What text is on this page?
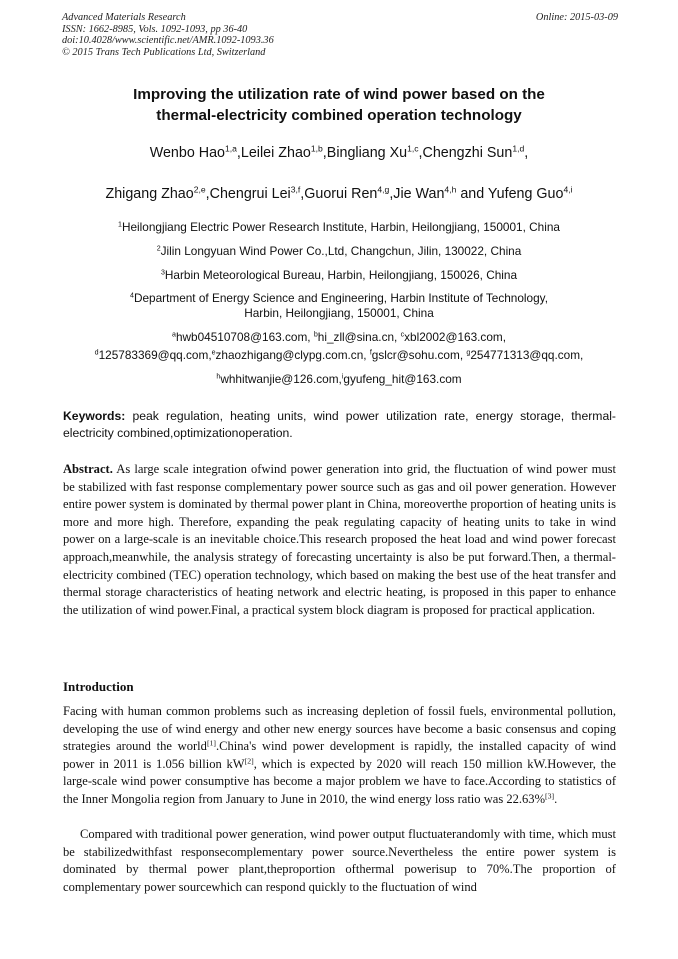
Advanced Materials Research
ISSN: 1662-8985, Vols. 1092-1093, pp 36-40
doi:10.4028/www.scientific.net/AMR.1092-1093.36
© 2015 Trans Tech Publications Ltd, Switzerland
Online: 2015-03-09
Improving the utilization rate of wind power based on the
thermal-electricity combined operation technology
Wenbo Hao$^{1,a}$,Leilei Zhao$^{1,b}$,Bingliang Xu$^{1,c}$,Chengzhi Sun$^{1,d}$,
Zhigang Zhao$^{2,e}$,Chengrui Lei$^{3,f}$,Guorui Ren$^{4,g}$,Jie Wan$^{4,h}$ and Yufeng Guo$^{4,i}$
$^1$Heilongjiang Electric Power Research Institute, Harbin, Heilongjiang, 150001, China
$^2$Jilin Longyuan Wind Power Co.,Ltd, Changchun, Jilin, 130022, China
$^3$Harbin Meteorological Bureau, Harbin, Heilongjiang, 150026, China
$^4$Department of Energy Science and Engineering, Harbin Institute of Technology,
Harbin, Heilongjiang, 150001, China
$^a$hwb04510708@163.com, $^b$hi_zll@sina.cn, $^c$xbl2002@163.com,
$^d$125783369@qq.com,$^e$zhaozhigang@clypg.com.cn, $^f$gslcr@sohu.com, $^g$254771313@qq.com,
$^h$whhitwanjie@126.com,$^i$gyufeng_hit@163.com
Keywords: peak regulation, heating units, wind power utilization rate, energy storage, thermal-electricity combined,optimizationoperation.
Abstract. As large scale integration ofwind power generation into grid, the fluctuation of wind power must be stabilized with fast response complementary power source such as gas and oil power generation. However entire power system is dominated by thermal power plant in China, moreoverthe proportion of heating units is more and more high. Therefore, expanding the peak regulating capacity of heating units to take in wind power on a large-scale is an inevitable choice.This research proposed the heat load and wind power forecast approach,meanwhile, the analysis strategy of forecasting uncertainty is also be put forward.Then, a thermal-electricity combined (TEC) operation technology, which based on making the best use of the heat transfer and thermal storage characteristics of heating network and electric heating, is proposed in this paper to enhance the utilization of wind power.Final, a practical system block diagram is proposed for practical application.
Introduction
Facing with human common problems such as increasing depletion of fossil fuels, environmental pollution, developing the use of wind energy and other new energy sources have become a basic consensus and coping strategies around the world[1].China's wind power development is rapidly, the installed capacity of wind power in 2011 is 1.056 billion kW[2], which is expected by 2020 will reach 150 million kW.However, the large-scale wind power consumptive has become a major problem we have to face.According to statistics of the Inner Mongolia region from January to June in 2010, the wind energy loss ratio was 22.63%[3].
Compared with traditional power generation, wind power output fluctuaterandomly with time, which must be stabilizedwithfast responsecomplementary power source.Nevertheless the entire power system is dominated by thermal power plant,theproportion ofthermal powerisup to 70%.The proportion of complementary power sourcewhich can respond quickly to the fluctuation of wind
